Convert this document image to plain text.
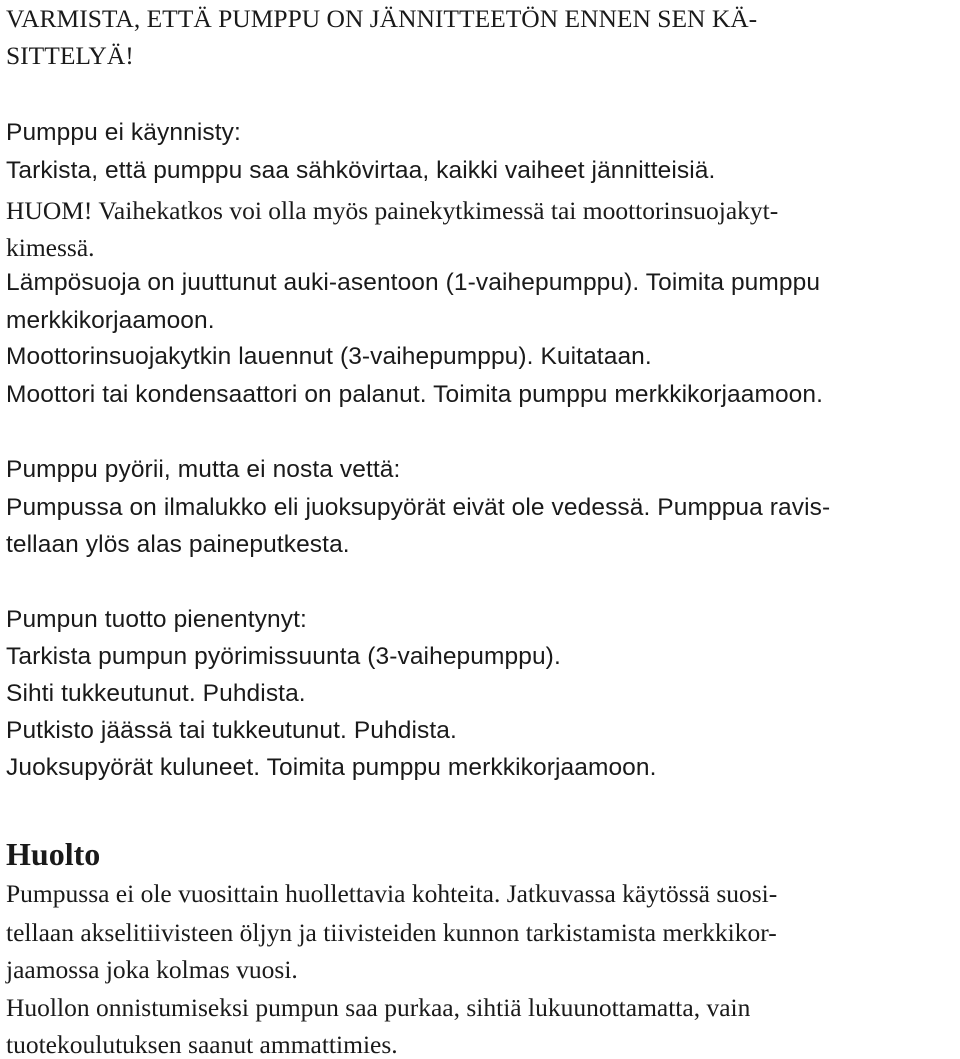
VARMISTA, ETTÄ PUMPPU ON JÄNNITTEETÖN ENNEN SEN KÄ-
SITTELYÄ!
Pumppu ei käynnisty:
Tarkista, että pumppu saa sähkövirtaa, kaikki vaiheet jännitteisiä.
HUOM! Vaihekatkos voi olla myös painekytkimessä tai moottorinsuojakyt-
kimessä.
Lämpösuoja on juuttunut auki-asentoon (1-vaihepumppu). Toimita pumppu
merkkikorjaamoon.
Moottorinsuojakytkin lauennut (3-vaihepumppu). Kuitataan.
Moottori tai kondensaattori on palanut. Toimita pumppu merkkikorjaamoon.
Pumppu pyörii, mutta ei nosta vettä:
Pumpussa on ilmalukko eli juoksupyörät eivät ole vedessä. Pumppua ravis-
tellaan ylös alas paineputkesta.
Pumpun tuotto pienentynyt:
Tarkista pumpun pyörimissuunta (3-vaihepumppu).
Sihti tukkeutunut. Puhdista.
Putkisto jäässä tai tukkeutunut. Puhdista.
Juoksupyörät kuluneet. Toimita pumppu merkkikorjaamoon.
Huolto
Pumpussa ei ole vuosittain huollettavia kohteita. Jatkuvassa käytössä suosi-
tellaan akselitiivisteen öljyn ja tiivisteiden kunnon tarkistamista merkkikor-
jaamossa joka kolmas vuosi.
Huollon onnistumiseksi pumpun saa purkaa, sihtiä lukuunottamatta, vain
tuotekoulutuksen saanut ammattimies.
